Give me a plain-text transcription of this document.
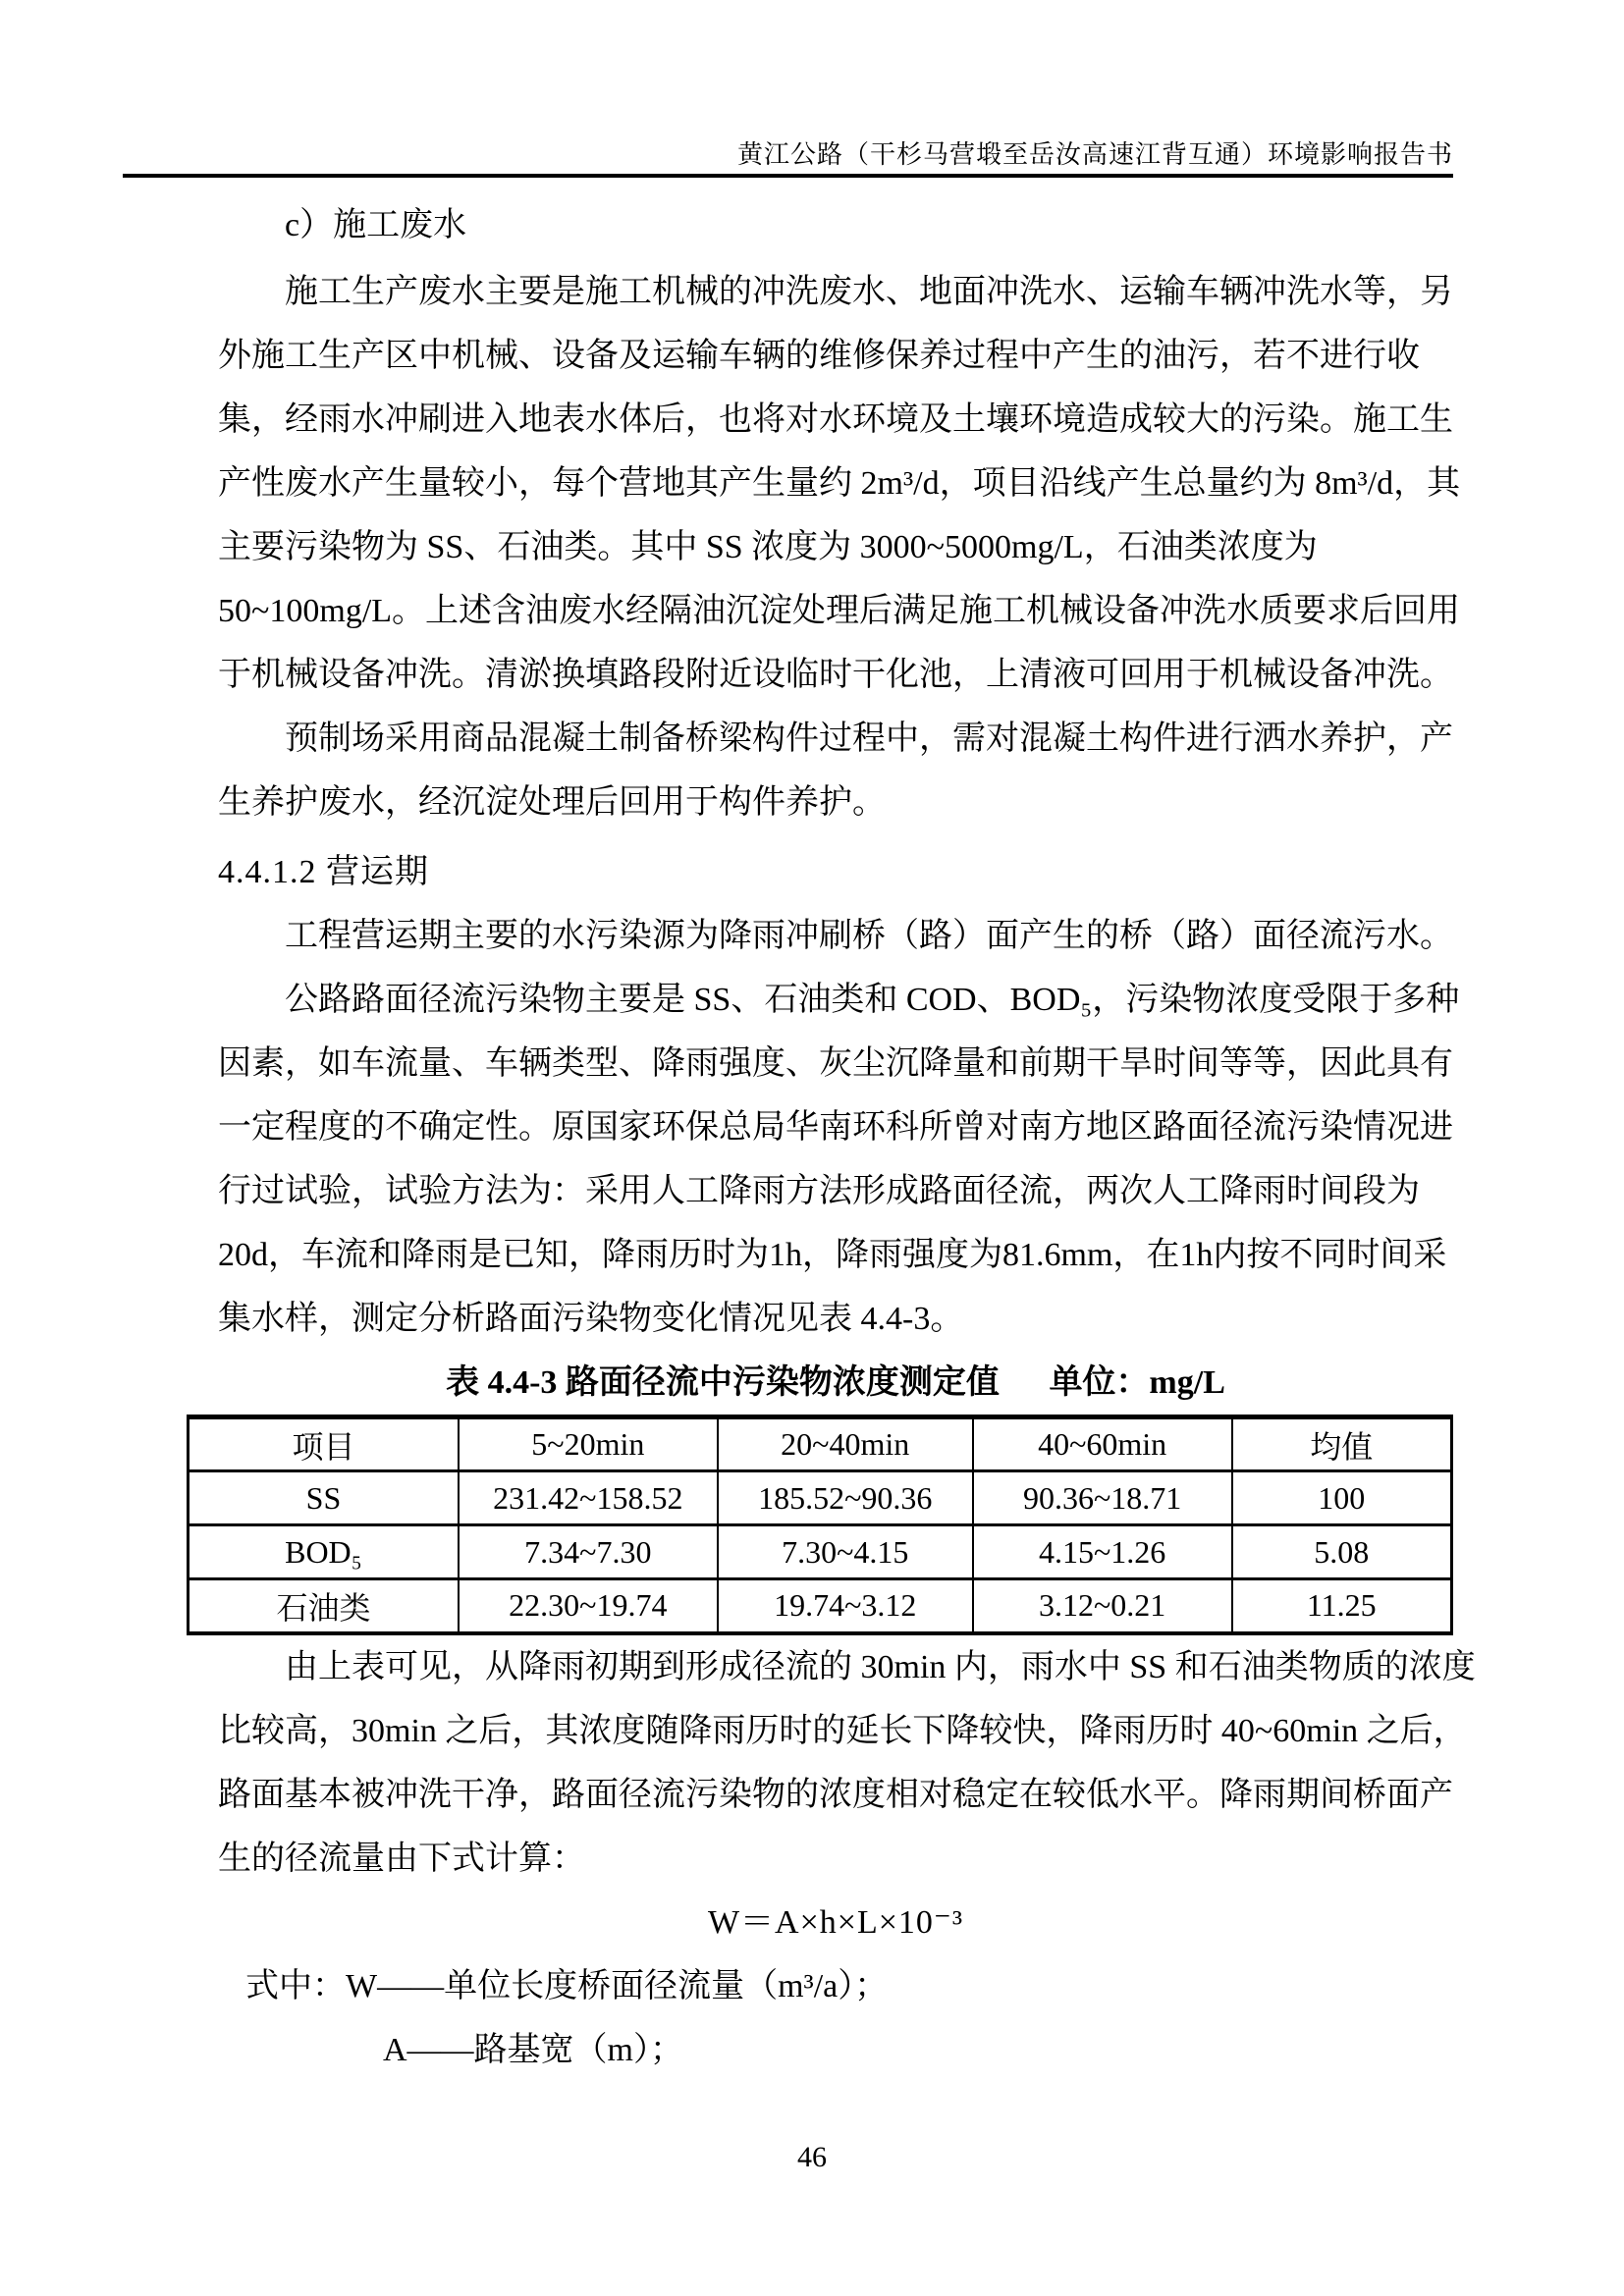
黄江公路（干杉马营塅至岳汝高速江背互通）环境影响报告书
c）施工废水
施工生产废水主要是施工机械的冲洗废水、地面冲洗水、运输车辆冲洗水等，另
外施工生产区中机械、设备及运输车辆的维修保养过程中产生的油污，若不进行收
集，经雨水冲刷进入地表水体后，也将对水环境及土壤环境造成较大的污染。施工生
产性废水产生量较小，每个营地其产生量约 2m³/d，项目沿线产生总量约为 8m³/d，其
主要污染物为 SS、石油类。其中 SS 浓度为 3000~5000mg/L，石油类浓度为
50~100mg/L。上述含油废水经隔油沉淀处理后满足施工机械设备冲洗水质要求后回用
于机械设备冲洗。清淤换填路段附近设临时干化池，上清液可回用于机械设备冲洗。
预制场采用商品混凝土制备桥梁构件过程中，需对混凝土构件进行洒水养护，产
生养护废水，经沉淀处理后回用于构件养护。
4.4.1.2 营运期
工程营运期主要的水污染源为降雨冲刷桥（路）面产生的桥（路）面径流污水。
公路路面径流污染物主要是 SS、石油类和 COD、BOD₅，污染物浓度受限于多种
因素，如车流量、车辆类型、降雨强度、灰尘沉降量和前期干旱时间等等，因此具有
一定程度的不确定性。原国家环保总局华南环科所曾对南方地区路面径流污染情况进
行过试验，试验方法为：采用人工降雨方法形成路面径流，两次人工降雨时间段为
20d，车流和降雨是已知，降雨历时为1h，降雨强度为81.6mm，在1h内按不同时间采
集水样，测定分析路面污染物变化情况见表 4.4-3。
表 4.4-3 路面径流中污染物浓度测定值 单位：mg/L
项目	5~20min	20~40min	40~60min	均值
SS	231.42~158.52	185.52~90.36	90.36~18.71	100
BOD₅	7.34~7.30	7.30~4.15	4.15~1.26	5.08
石油类	22.30~19.74	19.74~3.12	3.12~0.21	11.25
由上表可见，从降雨初期到形成径流的 30min 内，雨水中 SS 和石油类物质的浓度
比较高，30min 之后，其浓度随降雨历时的延长下降较快，降雨历时 40~60min 之后，
路面基本被冲洗干净，路面径流污染物的浓度相对稳定在较低水平。降雨期间桥面产
生的径流量由下式计算：
W＝A×h×L×10⁻³
式中：W——单位长度桥面径流量（m³/a）；
A——路基宽（m）；
46
